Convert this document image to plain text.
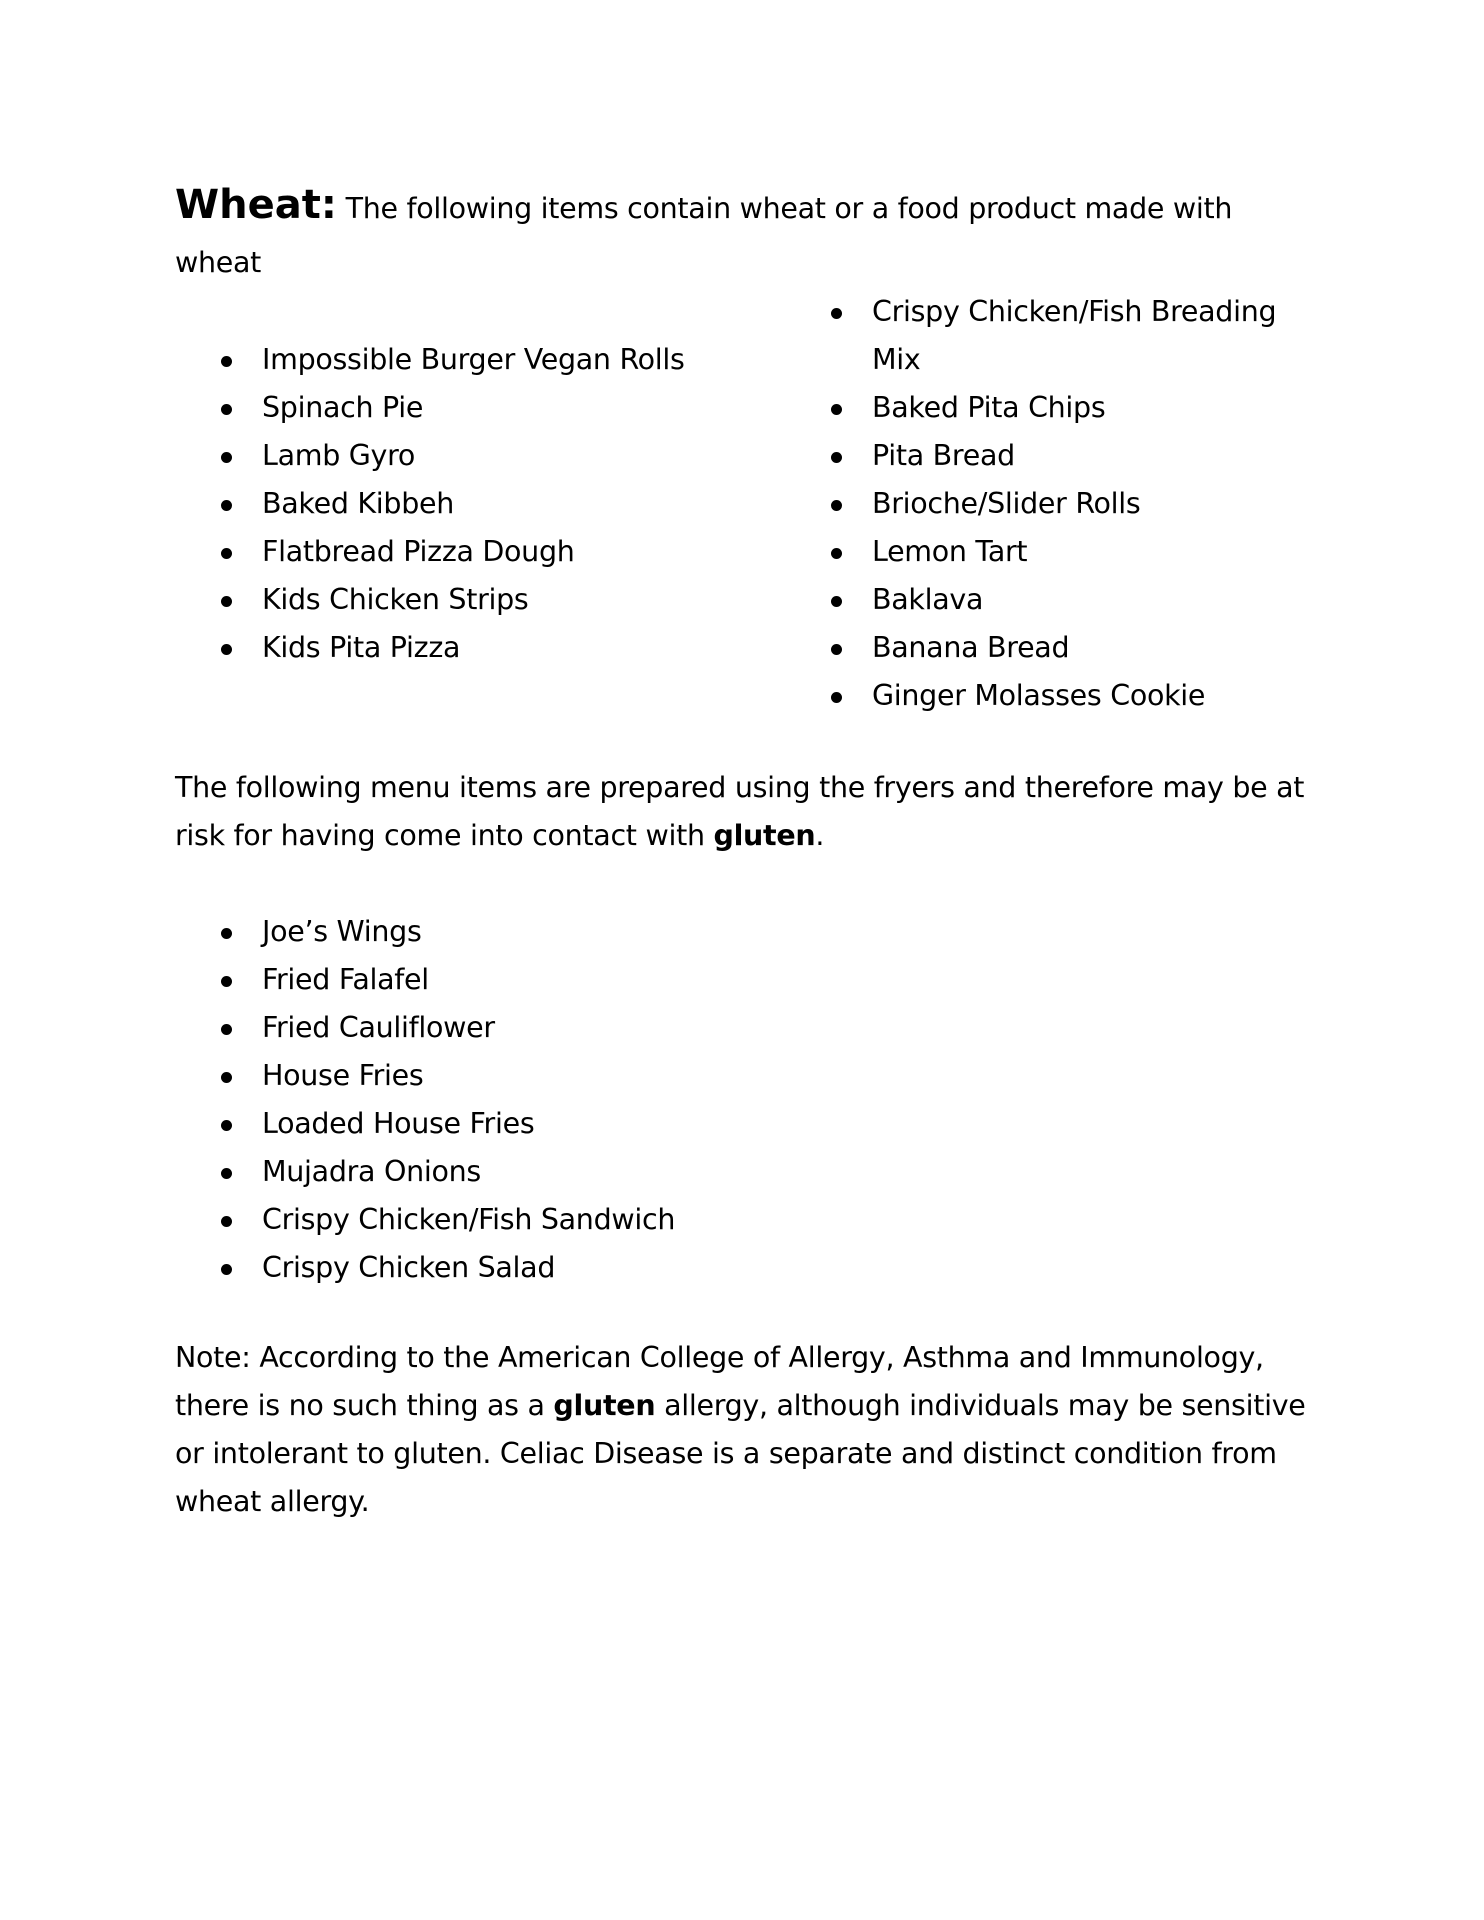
Wheat: The following items contain wheat or a food product made with wheat
Impossible Burger Vegan Rolls
Spinach Pie
Lamb Gyro
Baked Kibbeh
Flatbread Pizza Dough
Kids Chicken Strips
Kids Pita Pizza
Crispy Chicken/Fish Breading Mix
Baked Pita Chips
Pita Bread
Brioche/Slider Rolls
Lemon Tart
Baklava
Banana Bread
Ginger Molasses Cookie

The following menu items are prepared using the fryers and therefore may be at risk for having come into contact with gluten.

Joe’s Wings
Fried Falafel
Fried Cauliflower
House Fries
Loaded House Fries
Mujadra Onions
Crispy Chicken/Fish Sandwich
Crispy Chicken Salad

Note: According to the American College of Allergy, Asthma and Immunology, there is no such thing as a gluten allergy, although individuals may be sensitive or intolerant to gluten. Celiac Disease is a separate and distinct condition from wheat allergy.
